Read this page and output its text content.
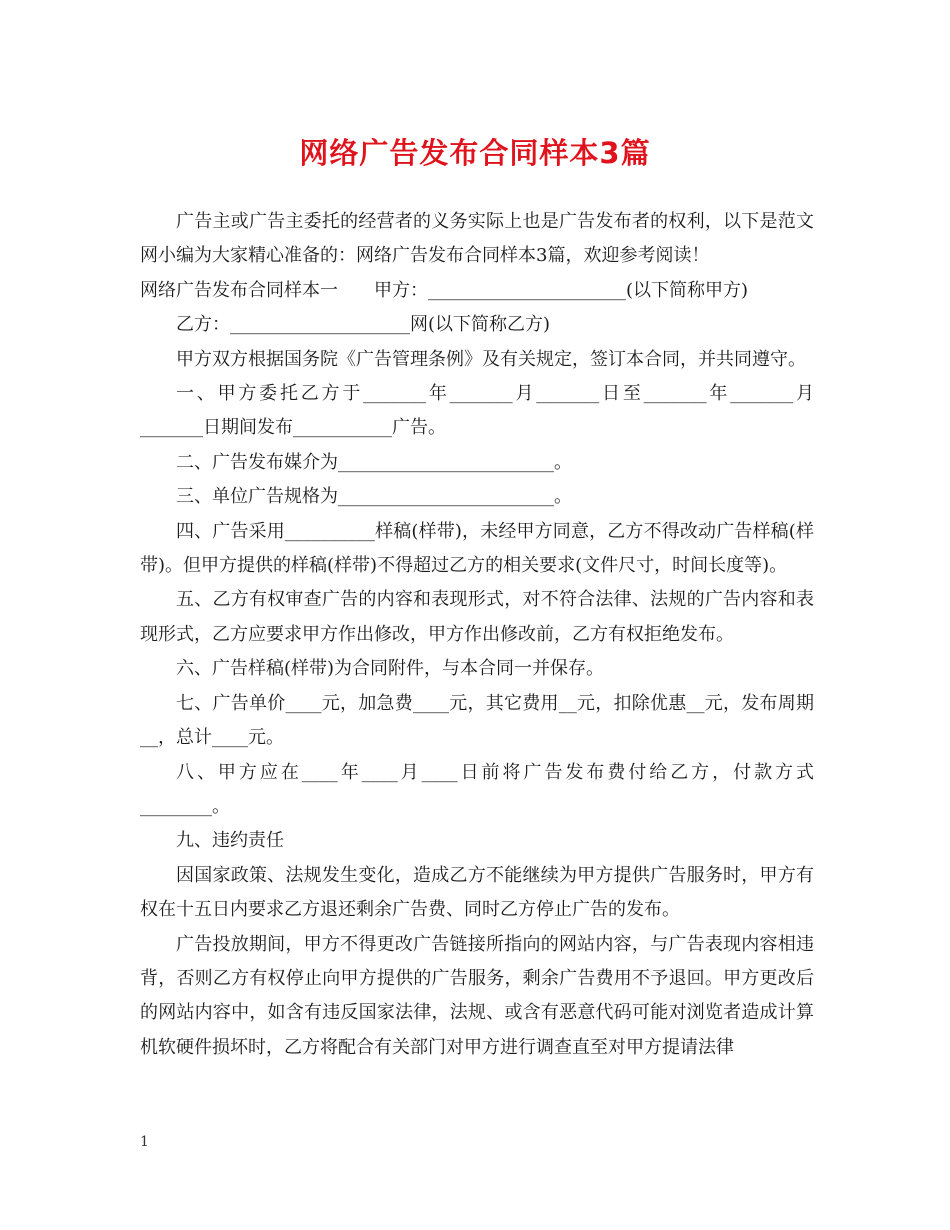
网络广告发布合同样本3篇

广告主或广告主委托的经营者的义务实际上也是广告发布者的权利，以下是范文网小编为大家精心准备的：网络广告发布合同样本3篇，欢迎参考阅读！

网络广告发布合同样本一　　甲方：______________________(以下简称甲方)

乙方：____________________网(以下简称乙方)

甲方双方根据国务院《广告管理条例》及有关规定，签订本合同，并共同遵守。

一、甲方委托乙方于_______年_______月_______日至_______年_______月_______日期间发布___________广告。

二、广告发布媒介为________________________。

三、单位广告规格为________________________。

四、广告采用__________样稿(样带)，未经甲方同意，乙方不得改动广告样稿(样带)。但甲方提供的样稿(样带)不得超过乙方的相关要求(文件尺寸，时间长度等)。

五、乙方有权审查广告的内容和表现形式，对不符合法律、法规的广告内容和表现形式，乙方应要求甲方作出修改，甲方作出修改前，乙方有权拒绝发布。

六、广告样稿(样带)为合同附件，与本合同一并保存。

七、广告单价____元，加急费____元，其它费用__元，扣除优惠__元，发布周期__，总计____元。

八、甲方应在____年____月____日前将广告发布费付给乙方，付款方式________。

九、违约责任

因国家政策、法规发生变化，造成乙方不能继续为甲方提供广告服务时，甲方有权在十五日内要求乙方退还剩余广告费、同时乙方停止广告的发布。

广告投放期间，甲方不得更改广告链接所指向的网站内容，与广告表现内容相违背，否则乙方有权停止向甲方提供的广告服务，剩余广告费用不予退回。甲方更改后的网站内容中，如含有违反国家法律，法规、或含有恶意代码可能对浏览者造成计算机软硬件损坏时，乙方将配合有关部门对甲方进行调查直至对甲方提请法律

1
